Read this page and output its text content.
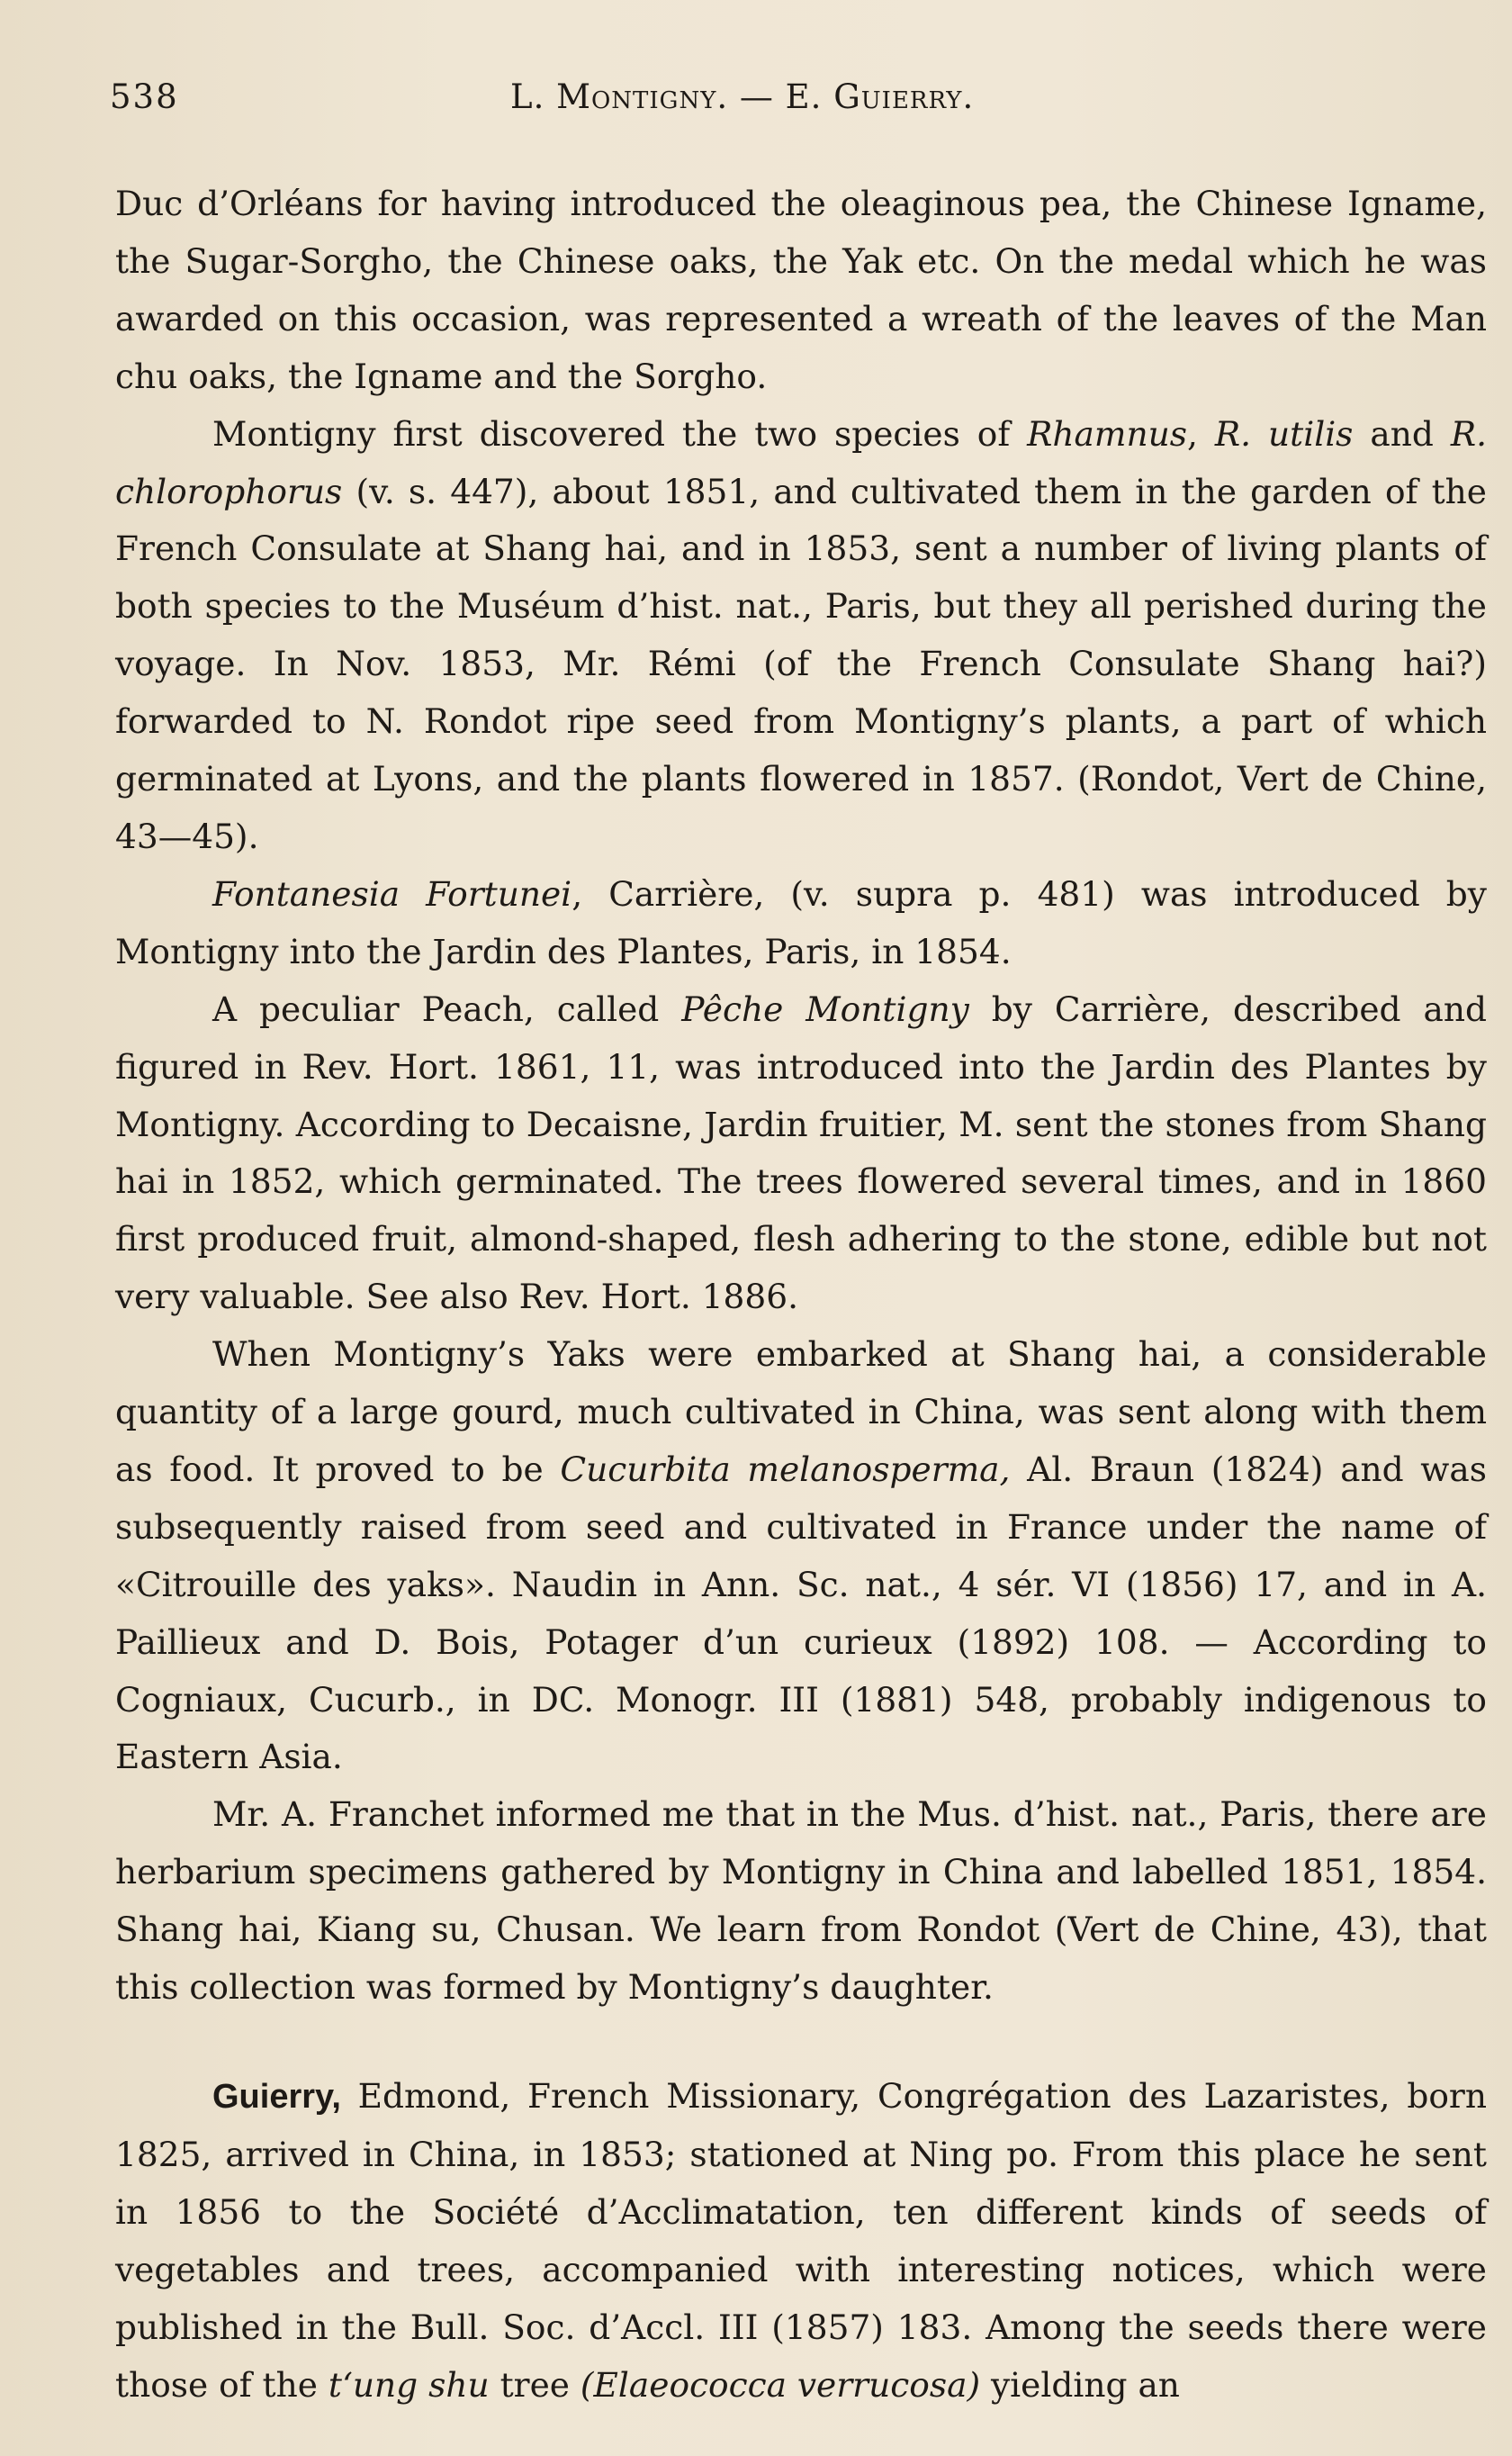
538	L. Montigny. — E. Guierry.

Duc d’Orléans for having introduced the oleaginous pea, the Chinese Igname, the Sugar-Sorgho, the Chinese oaks, the Yak etc. On the medal which he was awarded on this occasion, was represented a wreath of the leaves of the Man chu oaks, the Igname and the Sorgho.

Montigny first discovered the two species of Rhamnus, R. utilis and R. chlorophorus (v. s. 447), about 1851, and cultivated them in the garden of the French Consulate at Shang hai, and in 1853, sent a number of living plants of both species to the Muséum d’hist. nat., Paris, but they all perished during the voyage. In Nov. 1853, Mr. Rémi (of the French Consulate Shang hai?) forwarded to N. Rondot ripe seed from Montigny’s plants, a part of which germinated at Lyons, and the plants flowered in 1857. (Rondot, Vert de Chine, 43—45).

Fontanesia Fortunei, Carrière, (v. supra p. 481) was introduced by Montigny into the Jardin des Plantes, Paris, in 1854.

A peculiar Peach, called Pêche Montigny by Carrière, described and figured in Rev. Hort. 1861, 11, was introduced into the Jardin des Plantes by Montigny. According to Decaisne, Jardin fruitier, M. sent the stones from Shang hai in 1852, which germinated. The trees flowered several times, and in 1860 first produced fruit, almond-shaped, flesh adhering to the stone, edible but not very valuable. See also Rev. Hort. 1886.

When Montigny’s Yaks were embarked at Shang hai, a considerable quantity of a large gourd, much cultivated in China, was sent along with them as food. It proved to be Cucurbita melanosperma, Al. Braun (1824) and was subsequently raised from seed and cultivated in France under the name of «Citrouille des yaks». Naudin in Ann. Sc. nat., 4 sér. VI (1856) 17, and in A. Paillieux and D. Bois, Potager d’un curieux (1892) 108. — According to Cogniaux, Cucurb., in DC. Monogr. III (1881) 548, probably indigenous to Eastern Asia.

Mr. A. Franchet informed me that in the Mus. d’hist. nat., Paris, there are herbarium specimens gathered by Montigny in China and labelled 1851, 1854. Shang hai, Kiang su, Chusan. We learn from Rondot (Vert de Chine, 43), that this collection was formed by Montigny’s daughter.

Guierry, Edmond, French Missionary, Congrégation des Lazaristes, born 1825, arrived in China, in 1853; stationed at Ning po. From this place he sent in 1856 to the Société d’Acclimatation, ten different kinds of seeds of vegetables and trees, accompanied with interesting notices, which were published in the Bull. Soc. d’Accl. III (1857) 183. Among the seeds there were those of the t‘ung shu tree (Elaeococca verrucosa) yielding an
